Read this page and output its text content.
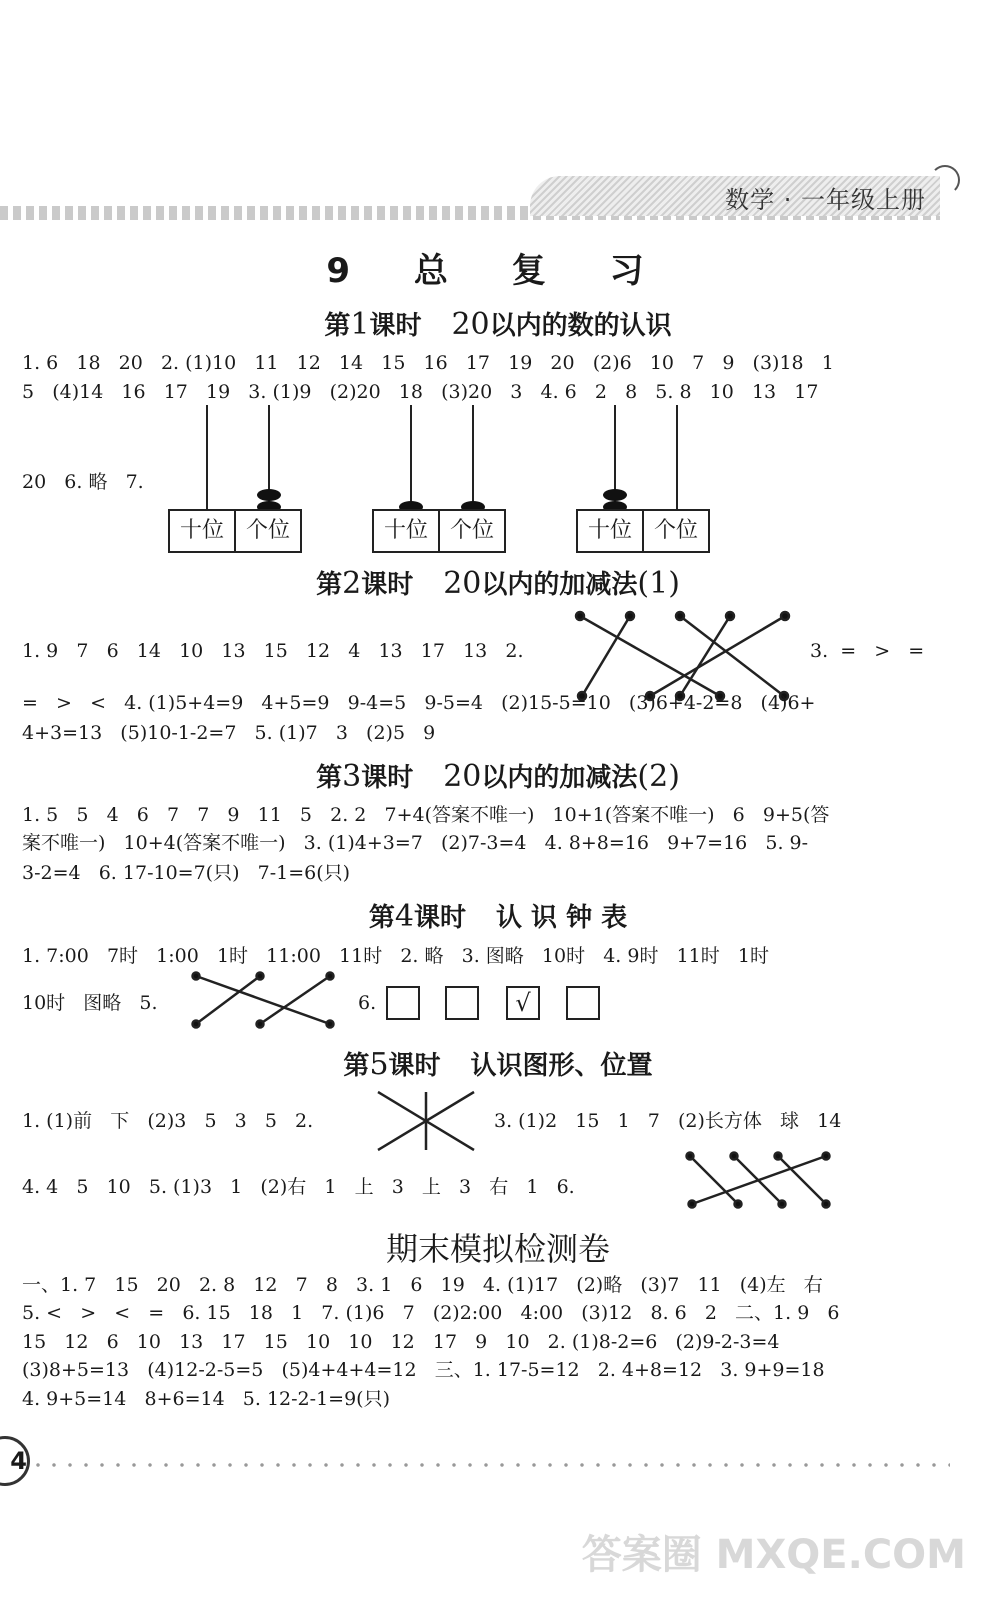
数学 · 一年级上册
9 总 复 习
第1课时 20以内的数的认识
1. 6   18   20   2. (1)10   11   12   14   15   16   17   19   20   (2)6   10   7   9   (3)18   1
5   (4)14   16   17   19   3. (1)9   (2)20   18   (3)20   3   4. 6   2   8   5. 8   10   13   17
20   6. 略   7.
十位 个位	十位 个位	十位 个位
第2课时 20以内的加减法(1)
1. 9   7   6   14   10   13   15   12   4   13   17   13   2.	3.  =   >   =
=   >   <   4. (1)5+4=9   4+5=9   9-4=5   9-5=4   (2)15-5=10   (3)6+4-2=8   (4)6+
4+3=13   (5)10-1-2=7   5. (1)7   3   (2)5   9
第3课时 20以内的加减法(2)
1. 5   5   4   6   7   7   9   11   5   2. 2   7+4(答案不唯一)   10+1(答案不唯一)   6   9+5(答
案不唯一)   10+4(答案不唯一)   3. (1)4+3=7   (2)7-3=4   4. 8+8=16   9+7=16   5. 9-
3-2=4   6. 17-10=7(只)   7-1=6(只)
第4课时 认 识 钟 表
1. 7:00   7时   1:00   1时   11:00   11时   2. 略   3. 图略   10时   4. 9时   11时   1时
10时   图略   5.	6.	√
第5课时 认识图形、位置
1. (1)前   下   (2)3   5   3   5   2.	3. (1)2   15   1   7   (2)长方体   球   14
4. 4   5   10   5. (1)3   1   (2)右   1   上   3   上   3   右   1   6.
期末模拟检测卷
一、1. 7   15   20   2. 8   12   7   8   3. 1   6   19   4. (1)17   (2)略   (3)7   11   (4)左   右
5. <   >   <   =   6. 15   18   1   7. (1)6   7   (2)2:00   4:00   (3)12   8. 6   2   二、1. 9   6
15   12   6   10   13   17   15   10   10   12   17   9   10   2. (1)8-2=6   (2)9-2-3=4
(3)8+5=13   (4)12-2-5=5   (5)4+4+4=12   三、1. 17-5=12   2. 4+8=12   3. 9+9=18
4. 9+5=14   8+6=14   5. 12-2-1=9(只)
4
答案圈 MXQE.COM
